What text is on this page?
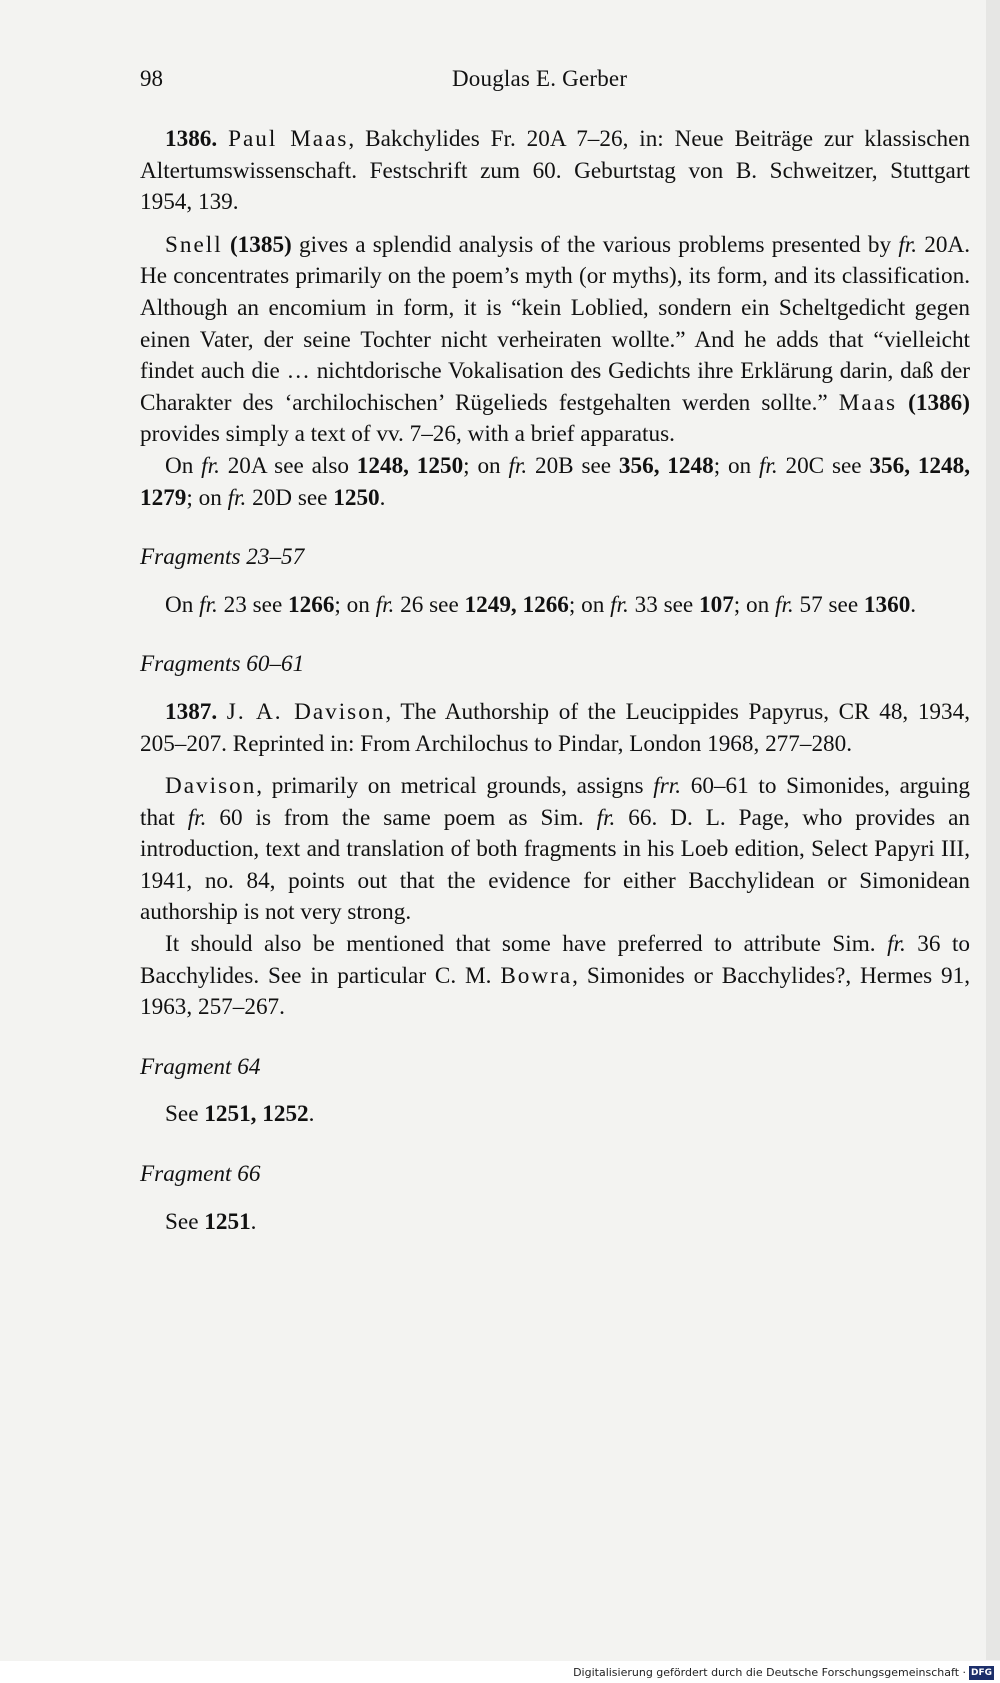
98	Douglas E. Gerber

1386. Paul Maas, Bakchylides Fr. 20A 7–26, in: Neue Beiträge zur klassischen Altertumswissenschaft. Festschrift zum 60. Geburtstag von B. Schweitzer, Stuttgart 1954, 139.

Snell (1385) gives a splendid analysis of the various problems presented by fr. 20A. He concentrates primarily on the poem’s myth (or myths), its form, and its classification. Although an encomium in form, it is “kein Loblied, sondern ein Scheltgedicht gegen einen Vater, der seine Tochter nicht verheiraten wollte.” And he adds that “vielleicht findet auch die … nichtdorische Vokalisation des Gedichts ihre Erklärung darin, daß der Charakter des ‘archilochischen’ Rügelieds festgehalten werden sollte.” Maas (1386) provides simply a text of vv. 7–26, with a brief apparatus.

On fr. 20A see also 1248, 1250; on fr. 20B see 356, 1248; on fr. 20C see 356, 1248, 1279; on fr. 20D see 1250.

Fragments 23–57

On fr. 23 see 1266; on fr. 26 see 1249, 1266; on fr. 33 see 107; on fr. 57 see 1360.

Fragments 60–61

1387. J. A. Davison, The Authorship of the Leucippides Papyrus, CR 48, 1934, 205–207. Reprinted in: From Archilochus to Pindar, London 1968, 277–280.

Davison, primarily on metrical grounds, assigns frr. 60–61 to Simonides, arguing that fr. 60 is from the same poem as Sim. fr. 66. D. L. Page, who provides an introduction, text and translation of both fragments in his Loeb edition, Select Papyri III, 1941, no. 84, points out that the evidence for either Bacchylidean or Simonidean authorship is not very strong.

It should also be mentioned that some have preferred to attribute Sim. fr. 36 to Bacchylides. See in particular C. M. Bowra, Simonides or Bacchylides?, Hermes 91, 1963, 257–267.

Fragment 64

See 1251, 1252.

Fragment 66

See 1251.

Digitalisierung gefördert durch die Deutsche Forschungsgemeinschaft · DFG
